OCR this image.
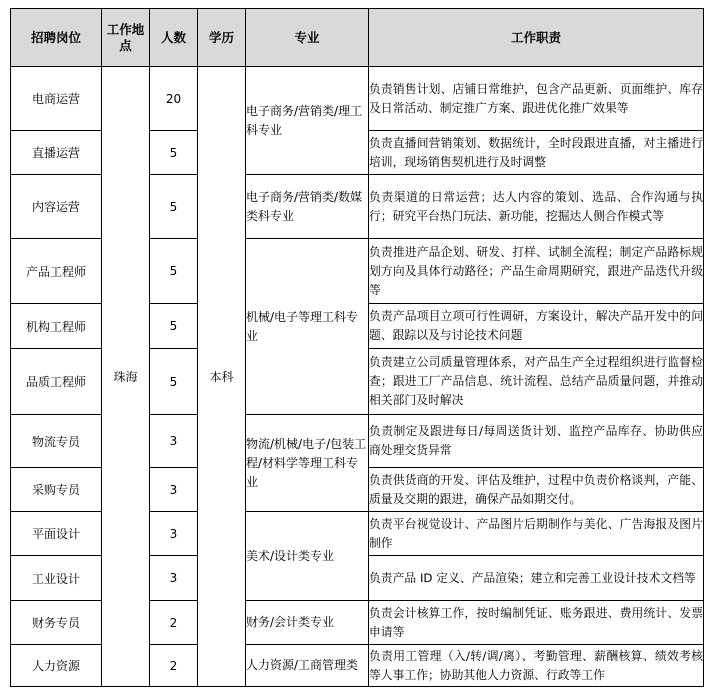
招聘岗位	工作地点	人数	学历	专业	工作职责
电商运营	珠海	20	本科	电子商务/营销类/理工科专业	负责销售计划、店铺日常维护，包含产品更新、页面维护、库存及日常活动、制定推广方案、跟进优化推广效果等
直播运营		5			负责直播间营销策划、数据统计，全时段跟进直播，对主播进行培训，现场销售契机进行及时调整
内容运营		5		电子商务/营销类/数媒类科专业	负责渠道的日常运营；达人内容的策划、选品、合作沟通与执行；研究平台热门玩法、新功能，挖掘达人侧合作模式等
产品工程师		5		机械/电子等理工科专业	负责推进产品企划、研发、打样、试制全流程；制定产品路标规划方向及具体行动路径；产品生命周期研究，跟进产品迭代升级等
机构工程师		5			负责产品项目立项可行性调研，方案设计，解决产品开发中的问题、跟踪以及与讨论技术问题
品质工程师		5			负责建立公司质量管理体系，对产品生产全过程组织进行监督检查；跟进工厂产品信息、统计流程、总结产品质量问题，并推动相关部门及时解决
物流专员		3		物流/机械/电子/包装工程/材料学等理工科专业	负责制定及跟进每日/每周送货计划、监控产品库存、协助供应商处理交货异常
采购专员		3			负责供货商的开发、评估及维护，过程中负责价格谈判，产能、质量及交期的跟进，确保产品如期交付。
平面设计		3		美术/设计类专业	负责平台视觉设计、产品图片后期制作与美化、广告海报及图片制作
工业设计		3			负责产品 ID 定义、产品渲染；建立和完善工业设计技术文档等
财务专员		2		财务/会计类专业	负责会计核算工作，按时编制凭证、账务跟进、费用统计、发票申请等
人力资源		2		人力资源/工商管理类	负责用工管理（入/转/调/离）、考勤管理、薪酬核算、绩效考核等人事工作；协助其他人力资源、行政等工作
